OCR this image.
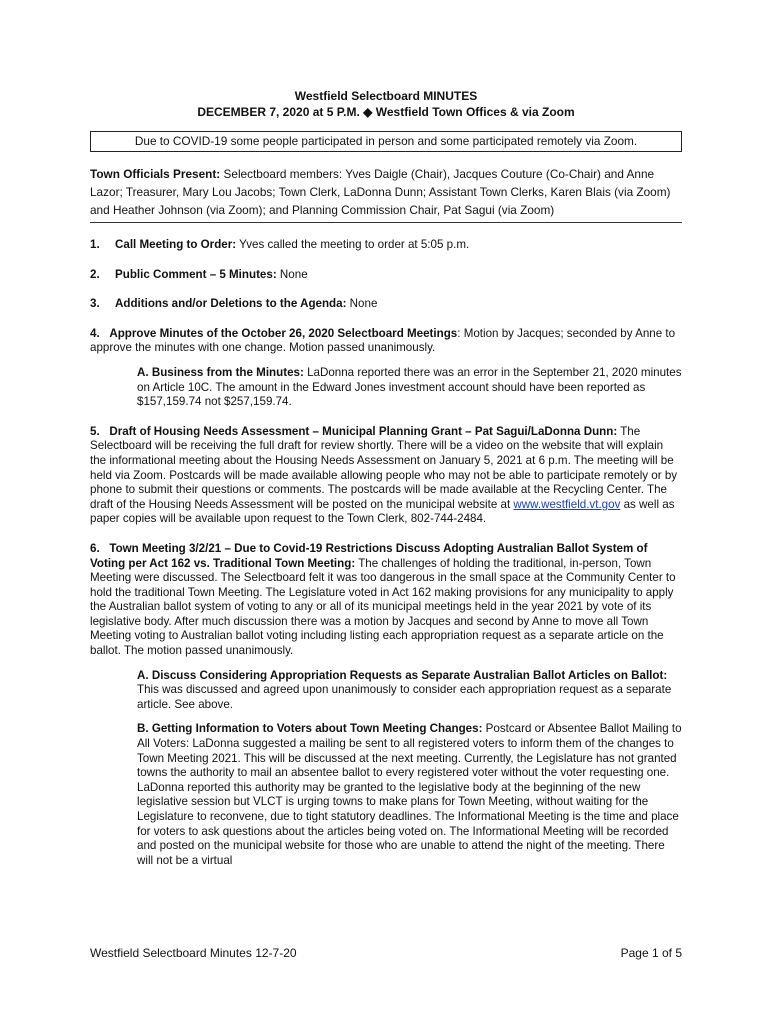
Westfield Selectboard MINUTES
DECEMBER 7, 2020 at 5 P.M. ◆ Westfield Town Offices & via Zoom
Due to COVID-19 some people participated in person and some participated remotely via Zoom.
Town Officials Present: Selectboard members: Yves Daigle (Chair), Jacques Couture (Co-Chair) and Anne Lazor; Treasurer, Mary Lou Jacobs; Town Clerk, LaDonna Dunn; Assistant Town Clerks, Karen Blais (via Zoom) and Heather Johnson (via Zoom); and Planning Commission Chair, Pat Sagui (via Zoom)
1.	Call Meeting to Order: Yves called the meeting to order at 5:05 p.m.
2.	Public Comment – 5 Minutes: None
3.	Additions and/or Deletions to the Agenda: None
4. Approve Minutes of the October 26, 2020 Selectboard Meetings: Motion by Jacques; seconded by Anne to approve the minutes with one change. Motion passed unanimously.
A. Business from the Minutes: LaDonna reported there was an error in the September 21, 2020 minutes on Article 10C. The amount in the Edward Jones investment account should have been reported as $157,159.74 not $257,159.74.
5. Draft of Housing Needs Assessment – Municipal Planning Grant – Pat Sagui/LaDonna Dunn: The Selectboard will be receiving the full draft for review shortly. There will be a video on the website that will explain the informational meeting about the Housing Needs Assessment on January 5, 2021 at 6 p.m. The meeting will be held via Zoom. Postcards will be made available allowing people who may not be able to participate remotely or by phone to submit their questions or comments. The postcards will be made available at the Recycling Center. The draft of the Housing Needs Assessment will be posted on the municipal website at www.westfield.vt.gov as well as paper copies will be available upon request to the Town Clerk, 802-744-2484.
6. Town Meeting 3/2/21 – Due to Covid-19 Restrictions Discuss Adopting Australian Ballot System of Voting per Act 162 vs. Traditional Town Meeting: The challenges of holding the traditional, in-person, Town Meeting were discussed. The Selectboard felt it was too dangerous in the small space at the Community Center to hold the traditional Town Meeting. The Legislature voted in Act 162 making provisions for any municipality to apply the Australian ballot system of voting to any or all of its municipal meetings held in the year 2021 by vote of its legislative body. After much discussion there was a motion by Jacques and second by Anne to move all Town Meeting voting to Australian ballot voting including listing each appropriation request as a separate article on the ballot. The motion passed unanimously.
A. Discuss Considering Appropriation Requests as Separate Australian Ballot Articles on Ballot: This was discussed and agreed upon unanimously to consider each appropriation request as a separate article. See above.
B. Getting Information to Voters about Town Meeting Changes: Postcard or Absentee Ballot Mailing to All Voters: LaDonna suggested a mailing be sent to all registered voters to inform them of the changes to Town Meeting 2021. This will be discussed at the next meeting. Currently, the Legislature has not granted towns the authority to mail an absentee ballot to every registered voter without the voter requesting one. LaDonna reported this authority may be granted to the legislative body at the beginning of the new legislative session but VLCT is urging towns to make plans for Town Meeting, without waiting for the Legislature to reconvene, due to tight statutory deadlines. The Informational Meeting is the time and place for voters to ask questions about the articles being voted on. The Informational Meeting will be recorded and posted on the municipal website for those who are unable to attend the night of the meeting. There will not be a virtual
Westfield Selectboard Minutes 12-7-20	Page 1 of 5
